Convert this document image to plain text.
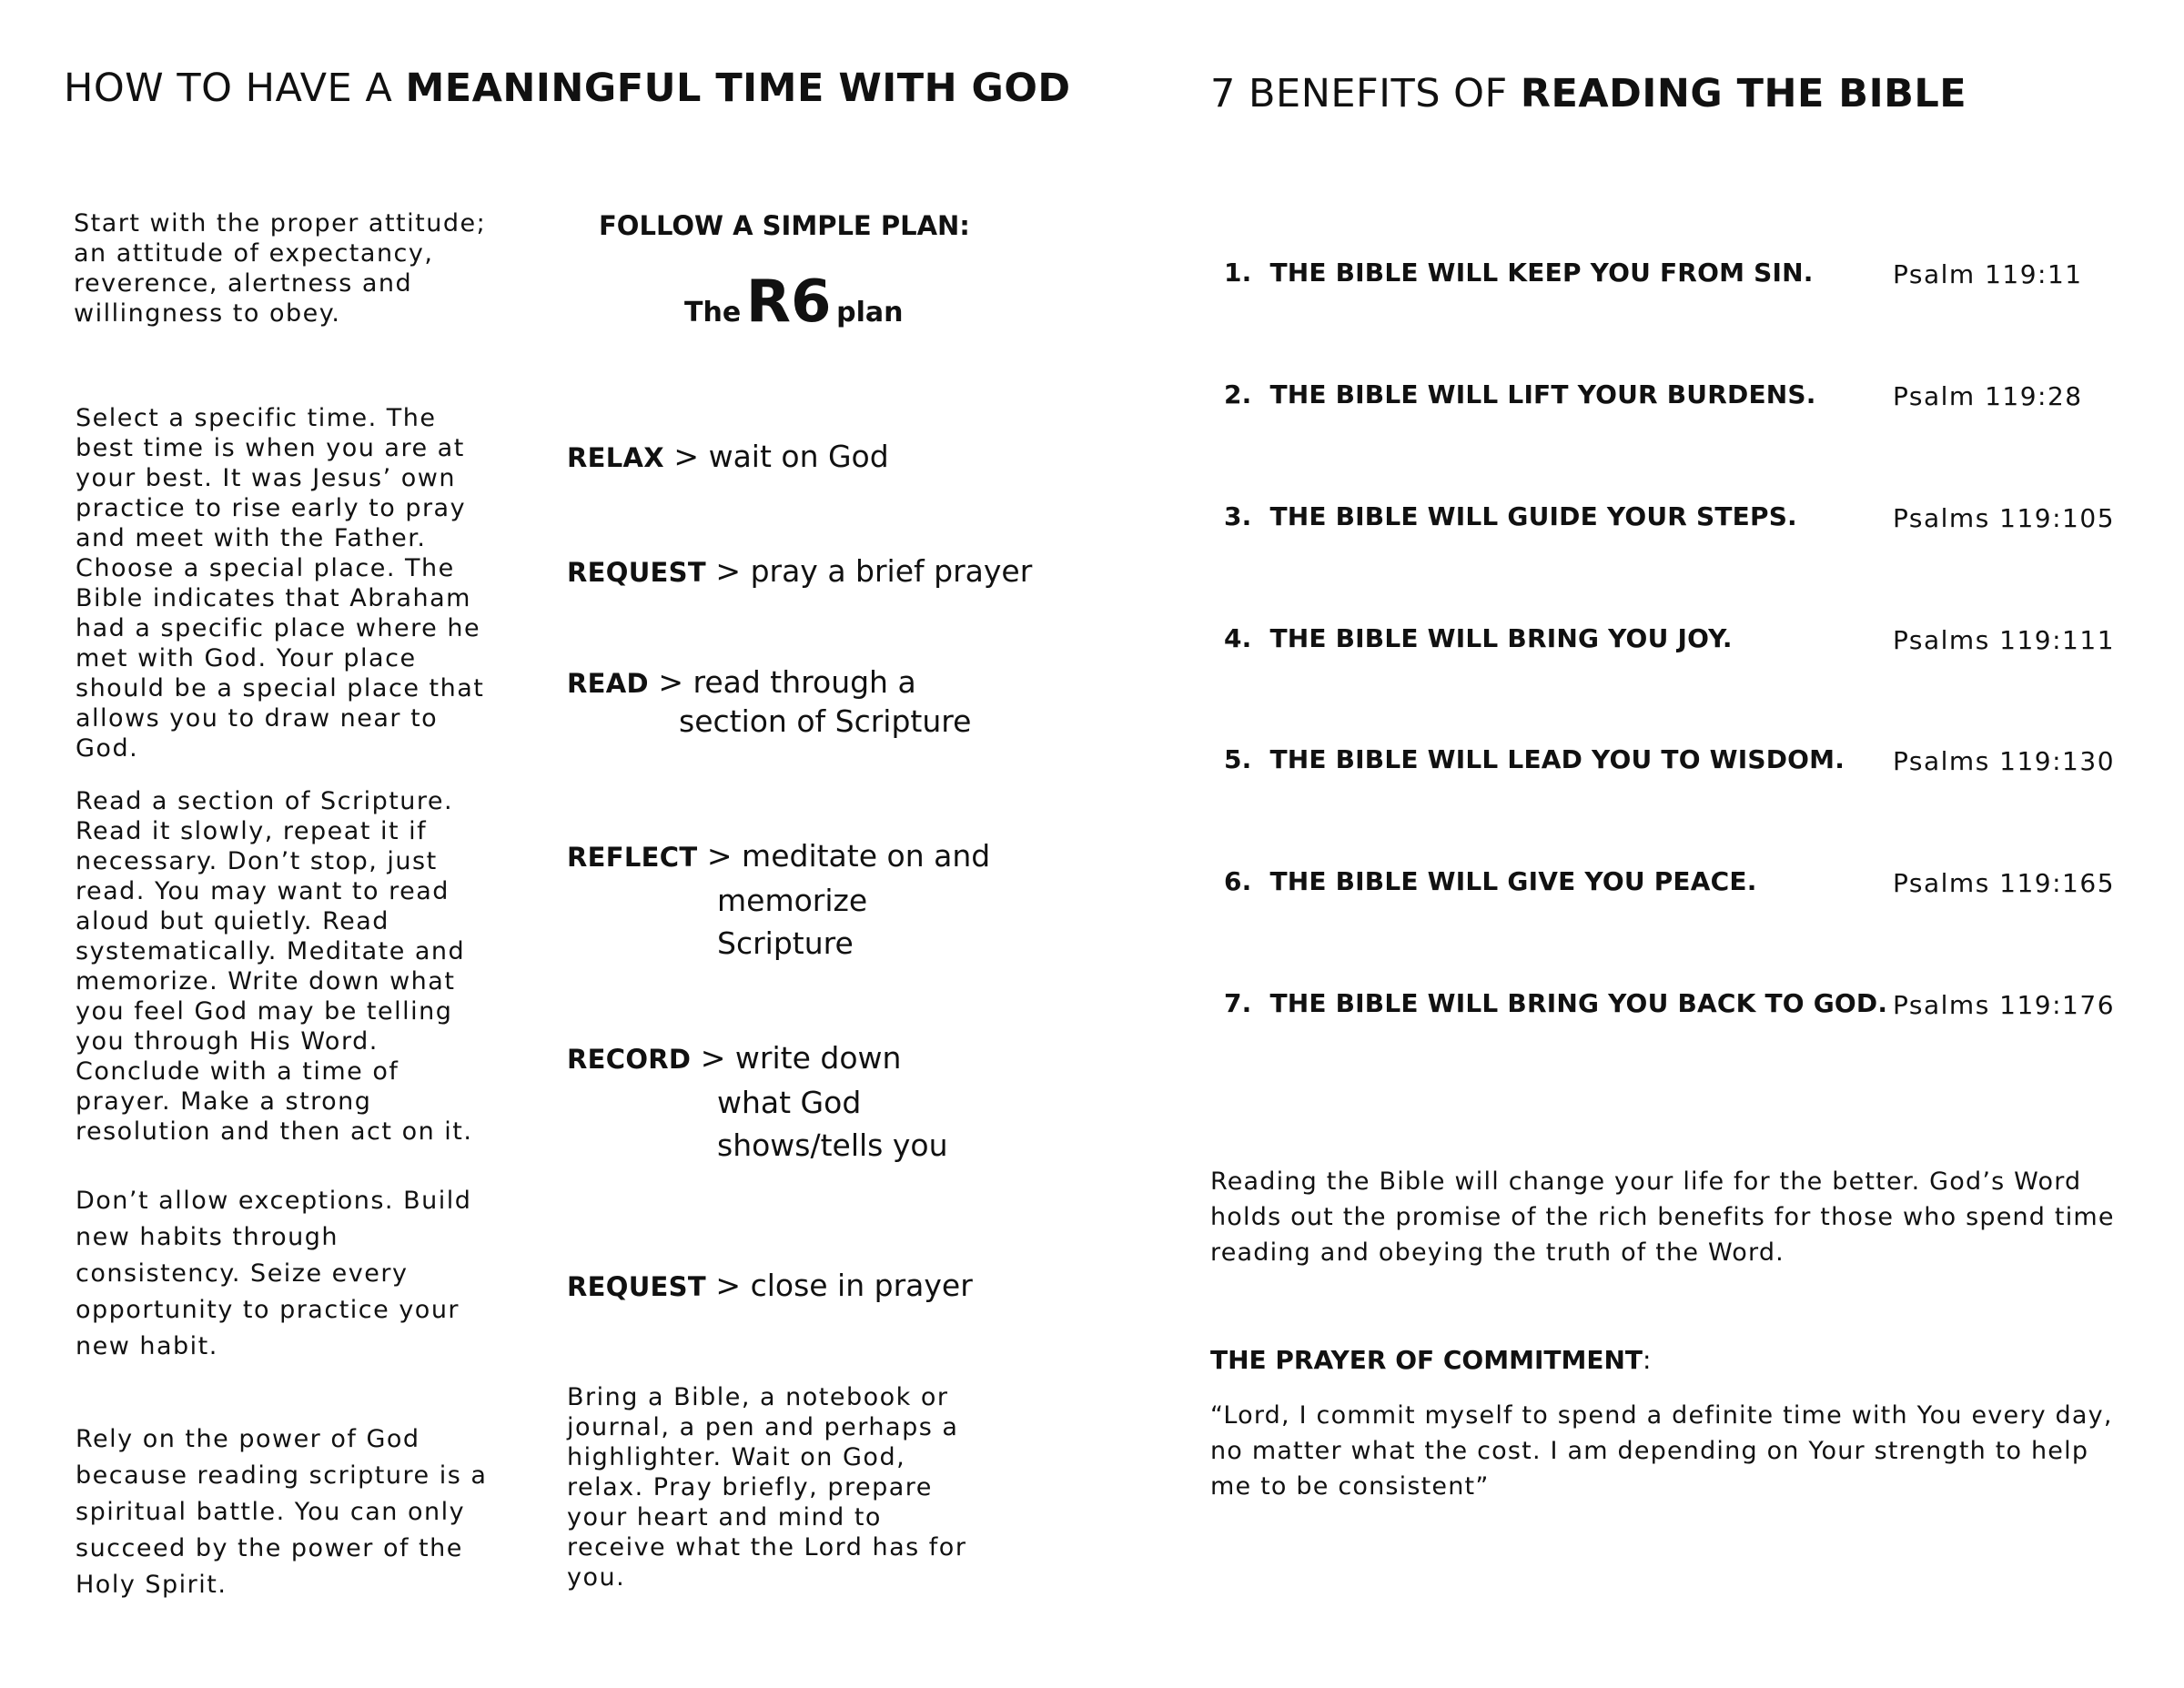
HOW TO HAVE A MEANINGFUL TIME WITH GOD
Start with the proper attitude; an attitude of expectancy, reverence, alertness and willingness to obey.
Select a specific time. The best time is when you are at your best. It was Jesus’ own practice to rise early to pray and meet with the Father. Choose a special place. The Bible indicates that Abraham had a specific place where he met with God. Your place should be a special place that allows you to draw near to God.
Read a section of Scripture. Read it slowly, repeat it if necessary. Don’t stop, just read. You may want to read aloud but quietly. Read systematically. Meditate and memorize. Write down what you feel God may be telling you through His Word. Conclude with a time of prayer. Make a strong resolution and then act on it.
Don’t allow exceptions. Build new habits through consistency. Seize every opportunity to practice your new habit.
Rely on the power of God because reading scripture is a spiritual battle. You can only succeed by the power of the Holy Spirit.
FOLLOW A SIMPLE PLAN:
The R6 plan
RELAX > wait on God
REQUEST > pray a brief prayer
READ > read through a
section of Scripture
REFLECT > meditate on and
memorize
Scripture
RECORD > write down
what God
shows/tells you
REQUEST > close in prayer
Bring a Bible, a notebook or journal, a pen and perhaps a highlighter. Wait on God, relax. Pray briefly, prepare your heart and mind to receive what the Lord has for you.
7 BENEFITS OF READING THE BIBLE
1. THE BIBLE WILL KEEP YOU FROM SIN.	Psalm 119:11
2. THE BIBLE WILL LIFT YOUR BURDENS.	Psalm 119:28
3. THE BIBLE WILL GUIDE YOUR STEPS.	Psalms 119:105
4. THE BIBLE WILL BRING YOU JOY.	Psalms 119:111
5. THE BIBLE WILL LEAD YOU TO WISDOM. Psalms 119:130
6. THE BIBLE WILL GIVE YOU PEACE.	Psalms 119:165
7. THE BIBLE WILL BRING YOU BACK TO GOD. Psalms 119:176
Reading the Bible will change your life for the better. God’s Word holds out the promise of the rich benefits for those who spend time reading and obeying the truth of the Word.
THE PRAYER OF COMMITMENT:
“Lord, I commit myself to spend a definite time with You every day, no matter what the cost. I am depending on Your strength to help me to be consistent”
